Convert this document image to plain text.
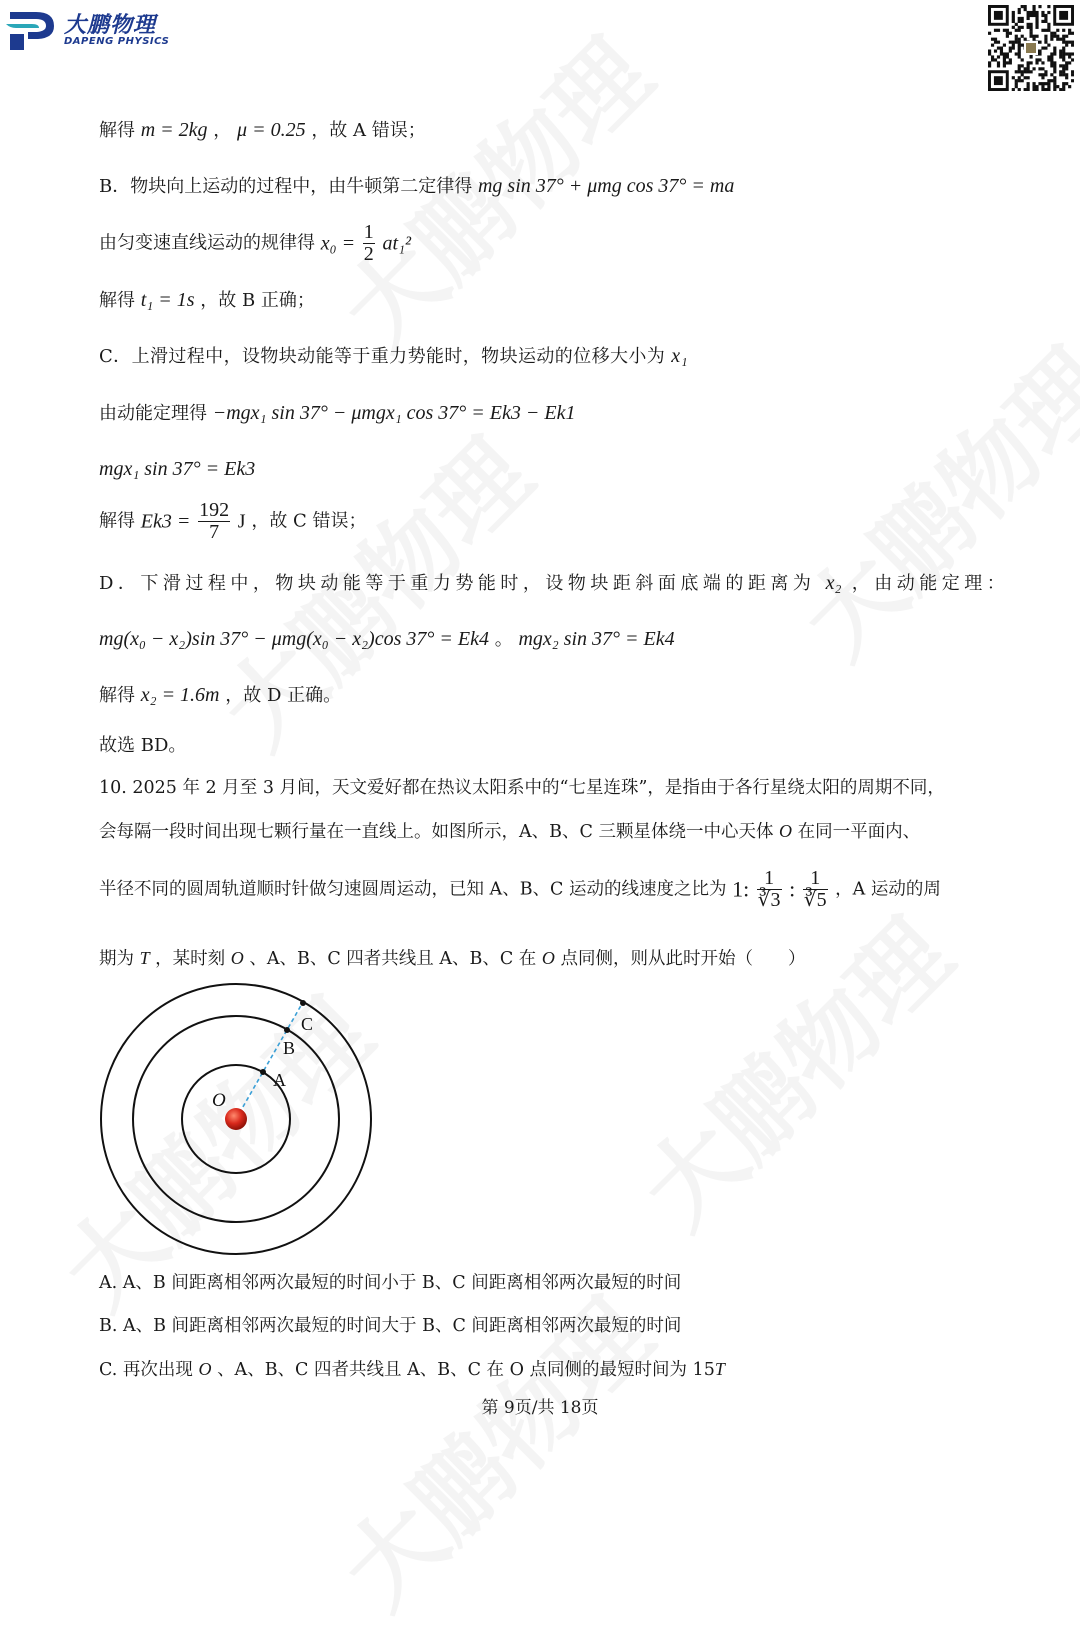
大鹏物理
DAPENG PHYSICS
解得 m = 2kg ， μ = 0.25 ，故 A 错误；
B．物块向上运动的过程中，由牛顿第二定律得 mg sin 37° + μmg cos 37° = ma
由匀变速直线运动的规律得 $x_0 = \frac{1}{2} at_1^2$
解得 t₁ = 1s ，故 B 正确；
C．上滑过程中，设物块动能等于重力势能时，物块运动的位移大小为 x₁
由动能定理得 −mgx₁ sin 37° − μmgx₁ cos 37° = Ek3 − Ek1
mgx₁ sin 37° = Ek3
解得 $Ek3 = \frac{192}{7}$ J ，故 C 错误；
D．下滑过程中，物块动能等于重力势能时，设物块距斜面底端的距离为 x₂ ，由动能定理：
mg(x₀ − x₂)sin 37° − μmg(x₀ − x₂)cos 37° = Ek4 。 mgx₂ sin 37° = Ek4
解得 x₂ = 1.6m ，故 D 正确。
故选 BD。
10. 2025 年 2 月至 3 月间，天文爱好都在热议太阳系中的“七星连珠”，是指由于各行星绕太阳的周期不同，
会每隔一段时间出现七颗行量在一直线上。如图所示，A、B、C 三颗星体绕一中心天体 O 在同一平面内、
半径不同的圆周轨道顺时针做匀速圆周运动，已知 A、B、C 运动的线速度之比为 1: $\frac{1}{∛3}$ : $\frac{1}{∛5}$ ，A 运动的周
期为 T ，某时刻 O 、A、B、C 四者共线且 A、B、C 在 O 点同侧，则从此时开始（　　）
O
A
B
C
A. A、B 间距离相邻两次最短的时间小于 B、C 间距离相邻两次最短的时间
B. A、B 间距离相邻两次最短的时间大于 B、C 间距离相邻两次最短的时间
C. 再次出现 O 、A、B、C 四者共线且 A、B、C 在 O 点同侧的最短时间为 15T
第 9页/共 18页
